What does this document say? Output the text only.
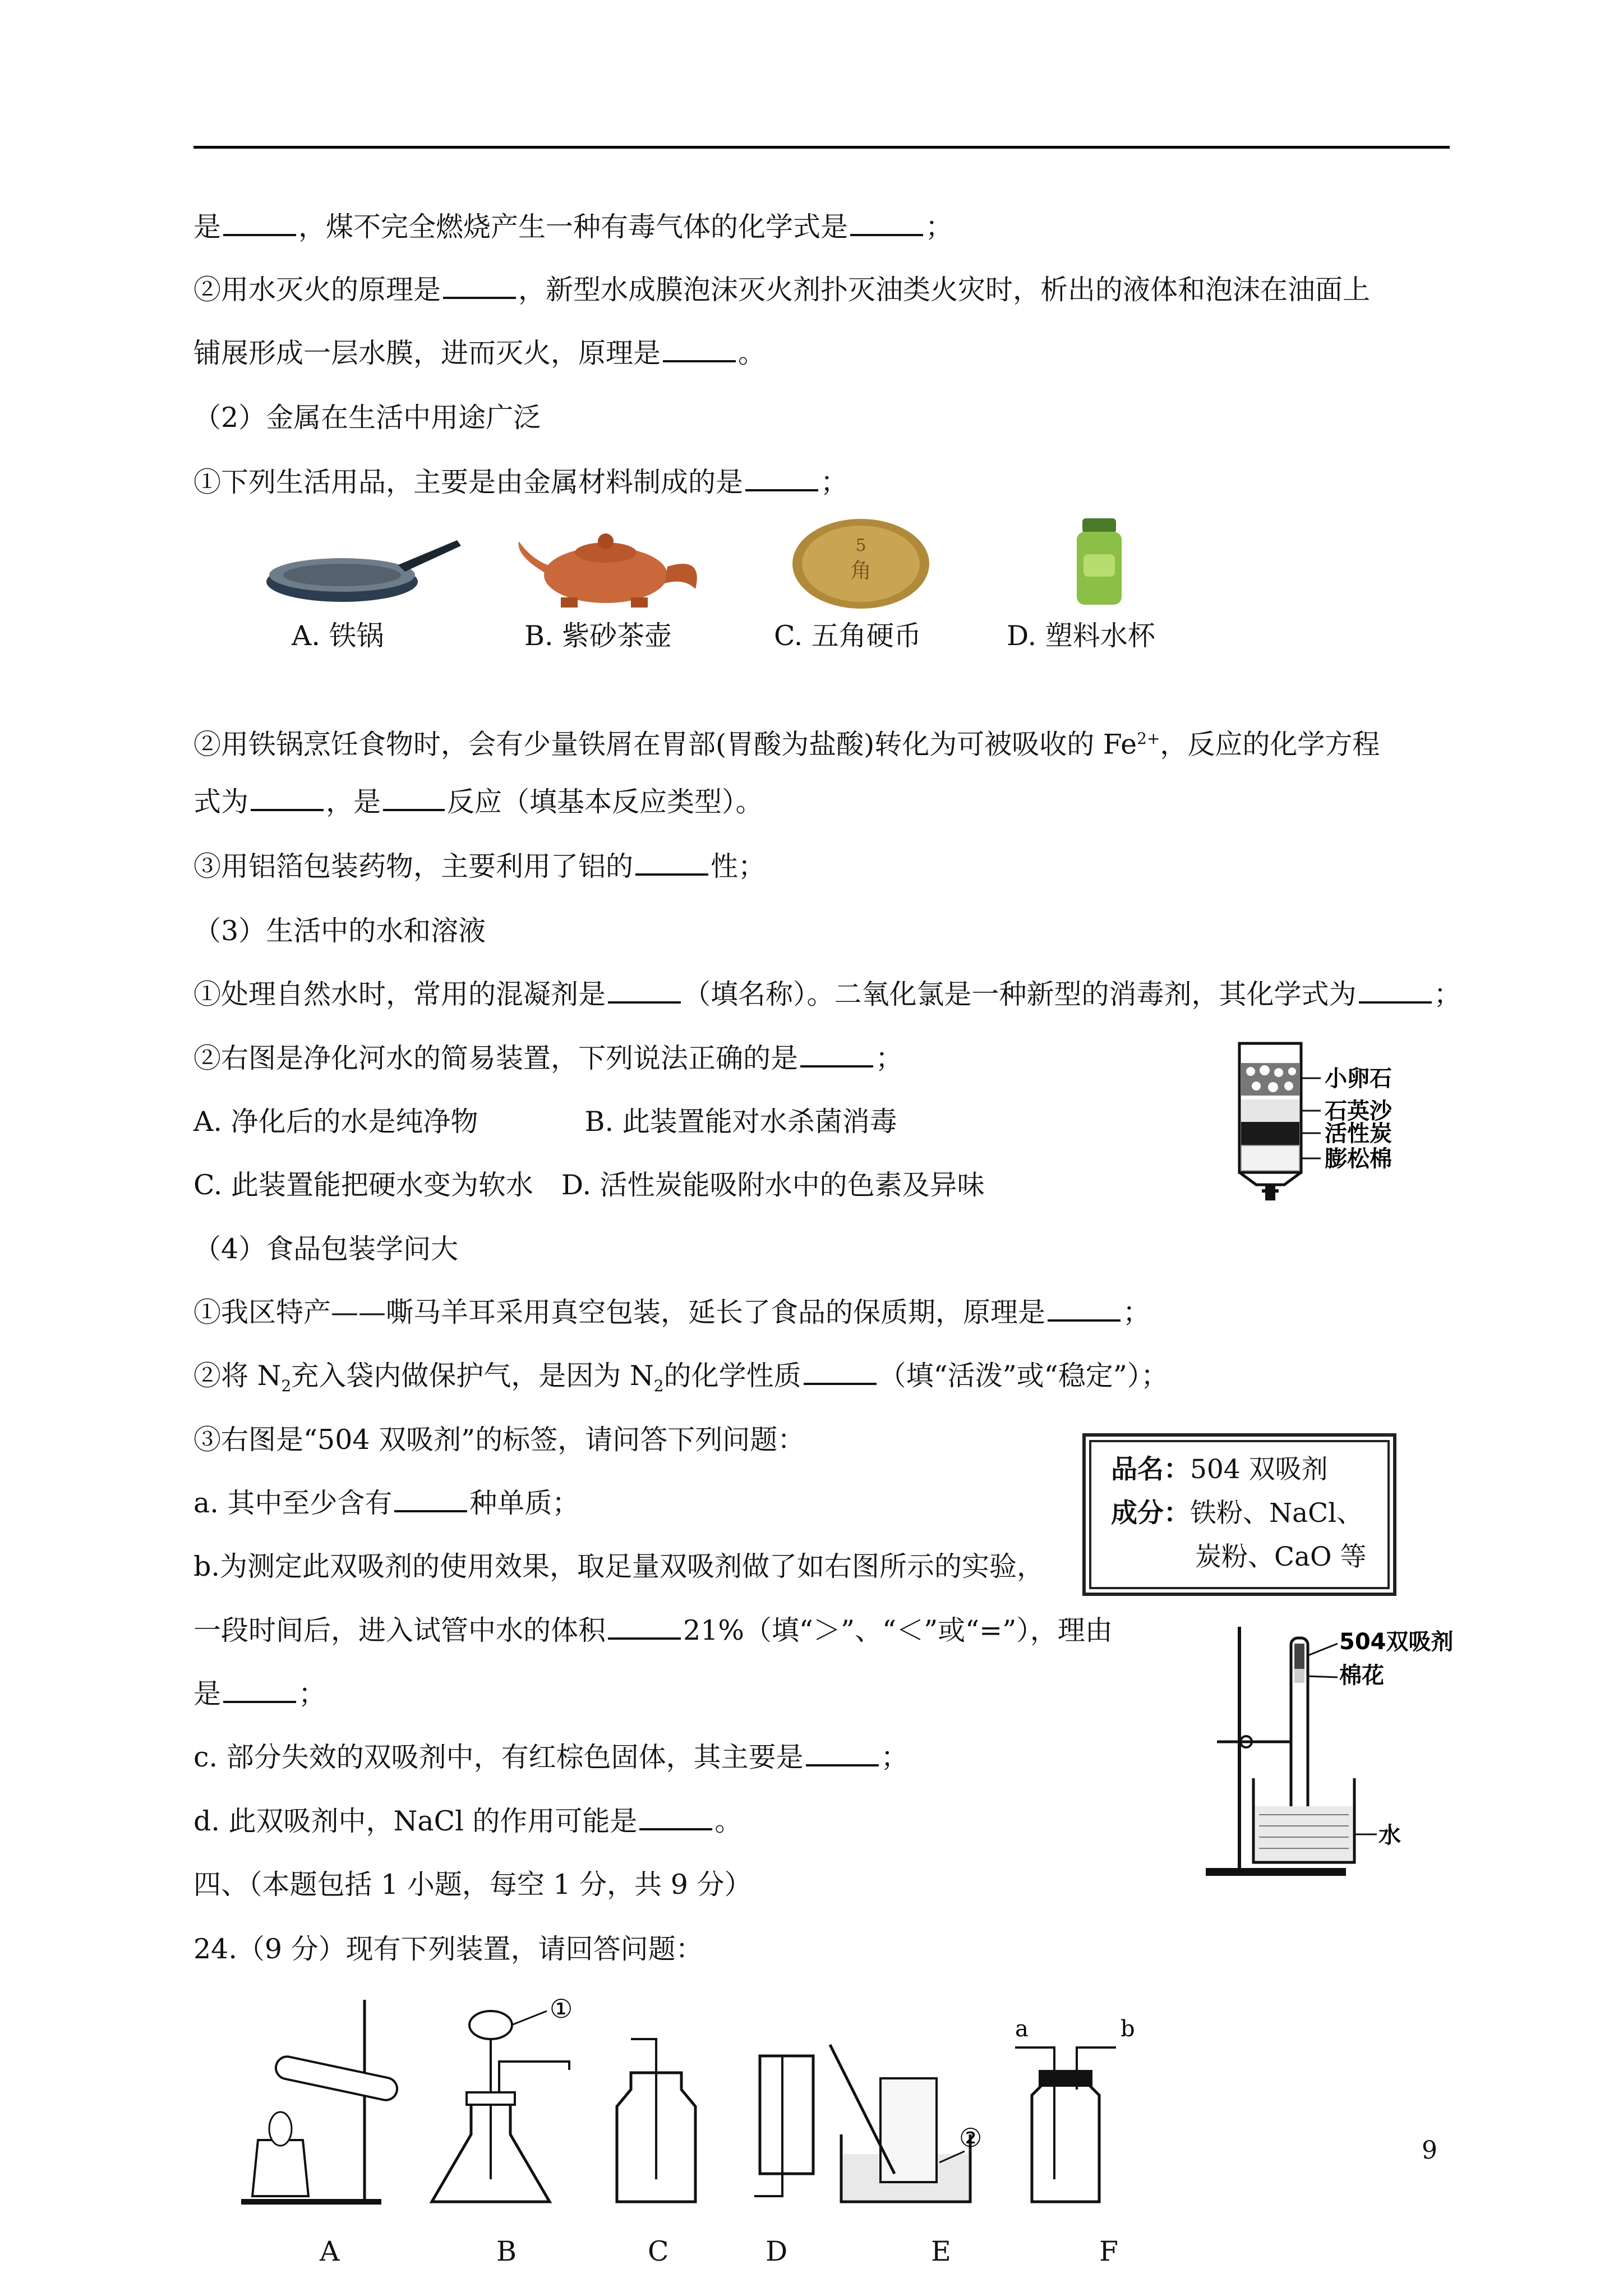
是	，煤不完全燃烧产生一种有毒气体的化学式是	；
②用水灭火的原理是	，新型水成膜泡沫灭火剂扑灭油类火灾时，析出的液体和泡沫在油面上
铺展形成一层水膜，进而灭火，原理是	。
（2）金属在生活中用途广泛
①下列生活用品，主要是由金属材料制成的是	；
5
角
A. 铁锅	B. 紫砂茶壶	C. 五角硬币	D. 塑料水杯
②用铁锅烹饪食物时，会有少量铁屑在胃部(胃酸为盐酸)转化为可被吸收的 $Fe^{2+}$，反应的化学方程
式为	，是 反应（填基本反应类型）。
③用铝箔包装药物，主要利用了铝的	性；
（3）生活中的水和溶液
①处理自然水时，常用的混凝剂是	（填名称）。二氧化氯是一种新型的消毒剂，其化学式为	；
②右图是净化河水的简易装置，下列说法正确的是	；
A. 净化后的水是纯净物	B. 此装置能对水杀菌消毒
C. 此装置能把硬水变为软水 D. 活性炭能吸附水中的色素及异味
小卵石
石英沙
活性炭
膨松棉
（4）食品包装学问大
①我区特产——嘶马羊耳采用真空包装，延长了食品的保质期，原理是	；
②将 $N_2$充入袋内做保护气，是因为 $N_2$的化学性质	（填“活泼”或“稳定”）；
③右图是“504 双吸剂”的标签，请问答下列问题：
a. 其中至少含有	种单质；
b.为测定此双吸剂的使用效果，取足量双吸剂做了如右图所示的实验，
一段时间后，进入试管中水的体积	21%（填“＞”、“＜”或“=”），理由
是	；
c. 部分失效的双吸剂中，有红棕色固体，其主要是	；
d. 此双吸剂中，NaCl 的作用可能是	。
四、（本题包括 1 小题，每空 1 分，共 9 分）
24.（9 分）现有下列装置，请回答问题：
品名：504 双吸剂
成分：铁粉、NaCl、
炭粉、CaO 等
504双吸剂
棉花
水
①
②
a	b
A	B	C	D	E	F
9
